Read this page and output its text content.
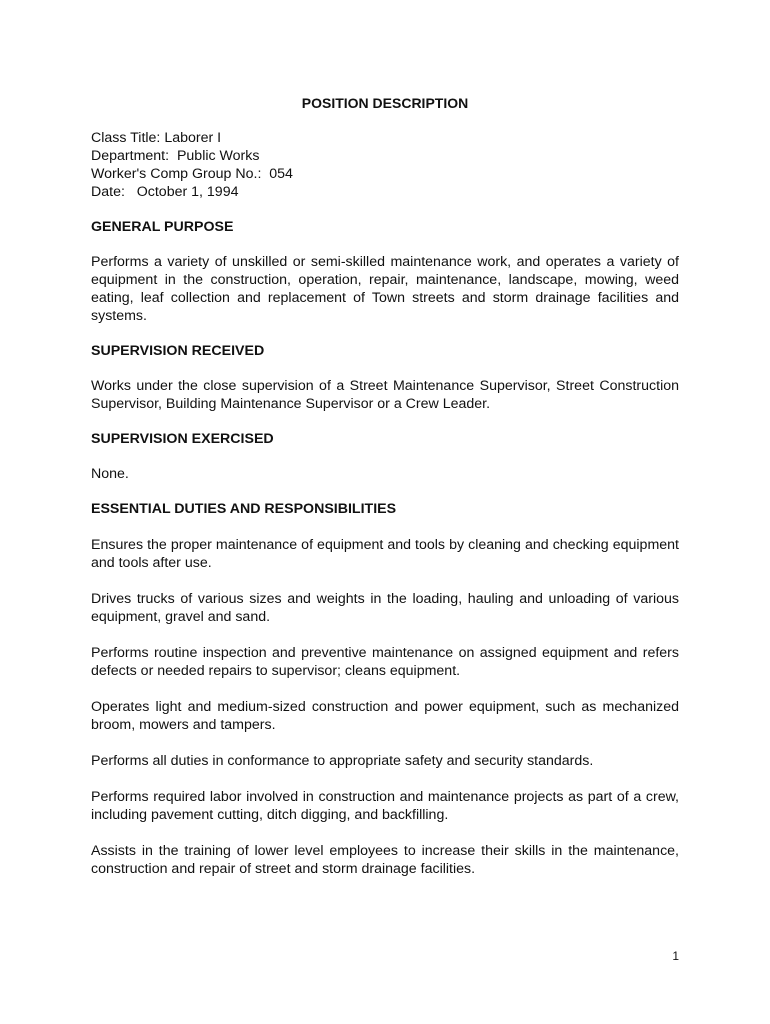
POSITION DESCRIPTION

Class Title: Laborer I

Department:  Public Works

Worker's Comp Group No.:  054

Date:   October 1, 1994

GENERAL PURPOSE

Performs a variety of unskilled or semi-skilled maintenance work, and operates a variety of equipment in the construction, operation, repair, maintenance, landscape, mowing, weed eating, leaf collection and replacement of Town streets and storm drainage facilities and systems.

SUPERVISION RECEIVED

Works under the close supervision of a Street Maintenance Supervisor, Street Construction Supervisor, Building Maintenance Supervisor or a Crew Leader.

SUPERVISION EXERCISED

None.

ESSENTIAL DUTIES AND RESPONSIBILITIES

Ensures the proper maintenance of equipment and tools by cleaning and checking equipment and tools after use.

Drives trucks of various sizes and weights in the loading, hauling and unloading of various equipment, gravel and sand.

Performs routine inspection and preventive maintenance on assigned equipment and refers defects or needed repairs to supervisor; cleans equipment.

Operates light and medium-sized construction and power equipment, such as mechanized broom, mowers and tampers.

Performs all duties in conformance to appropriate safety and security standards.

Performs required labor involved in construction and maintenance projects as part of a crew, including pavement cutting, ditch digging, and backfilling.

Assists in the training of lower level employees to increase their skills in the maintenance, construction and repair of street and storm drainage facilities.

1
